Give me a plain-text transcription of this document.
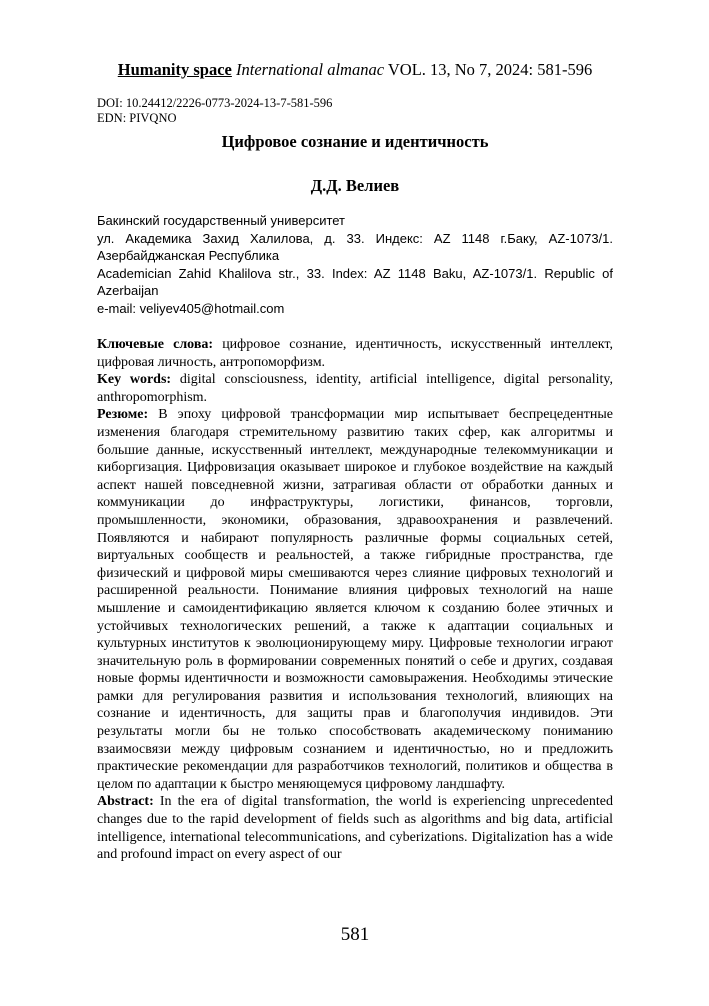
Humanity space International almanac VOL. 13, No 7, 2024: 581-596
DOI: 10.24412/2226-0773-2024-13-7-581-596
EDN: PIVQNO
Цифровое сознание и идентичность
Д.Д. Велиев
Бакинский государственный университет
ул. Академика Захид Халилова, д. 33. Индекс: AZ 1148 г.Баку, AZ-1073/1. Азербайджанская Республика
Academician Zahid Khalilova str., 33. Index: AZ 1148 Baku, AZ-1073/1. Republic of Azerbaijan
e-mail: veliyev405@hotmail.com

Ключевые слова: цифровое сознание, идентичность, искусственный интеллект, цифровая личность, антропоморфизм.

Key words: digital consciousness, identity, artificial intelligence, digital personality, anthropomorphism.

Резюме: В эпоху цифровой трансформации мир испытывает беспрецедентные изменения благодаря стремительному развитию таких сфер, как алгоритмы и большие данные, искусственный интеллект, международные телекоммуникации и киборгизация. Цифровизация оказывает широкое и глубокое воздействие на каждый аспект нашей повседневной жизни, затрагивая области от обработки данных и коммуникации до инфраструктуры, логистики, финансов, торговли, промышленности, экономики, образования, здравоохранения и развлечений. Появляются и набирают популярность различные формы социальных сетей, виртуальных сообществ и реальностей, а также гибридные пространства, где физический и цифровой миры смешиваются через слияние цифровых технологий и расширенной реальности. Понимание влияния цифровых технологий на наше мышление и самоидентификацию является ключом к созданию более этичных и устойчивых технологических решений, а также к адаптации социальных и культурных институтов к эволюционирующему миру. Цифровые технологии играют значительную роль в формировании современных понятий о себе и других, создавая новые формы идентичности и возможности самовыражения. Необходимы этические рамки для регулирования развития и использования технологий, влияющих на сознание и идентичность, для защиты прав и благополучия индивидов. Эти результаты могли бы не только способствовать академическому пониманию взаимосвязи между цифровым сознанием и идентичностью, но и предложить практические рекомендации для разработчиков технологий, политиков и общества в целом по адаптации к быстро меняющемуся цифровому ландшафту.

Abstract: In the era of digital transformation, the world is experiencing unprecedented changes due to the rapid development of fields such as algorithms and big data, artificial intelligence, international telecommunications, and cyberizations. Digitalization has a wide and profound impact on every aspect of our

581
